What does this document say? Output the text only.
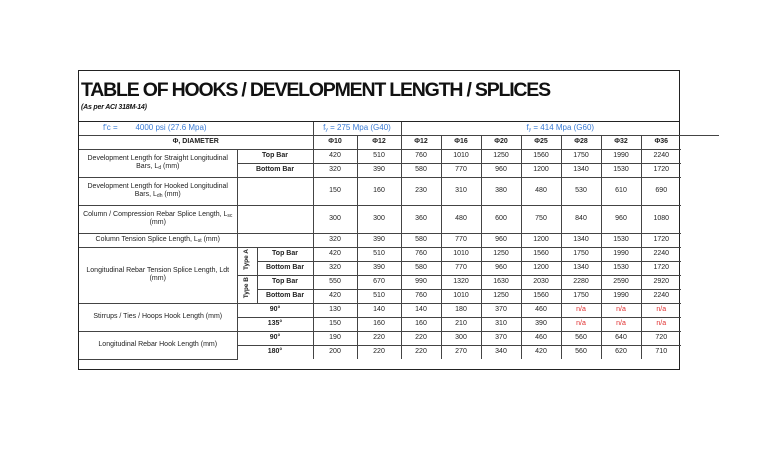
TABLE OF HOOKS / DEVELOPMENT LENGTH / SPLICES
(As per ACI 318M-14)
f'c = 4000 psi (27.6 Mpa)			$f_y = 275$ Mpa (G40)		$f_y = 414$ Mpa (G60)						
Φ, DIAMETER			Φ10	Φ12	Φ12	Φ16	Φ20	Φ25	Φ28	Φ32	Φ36
Development Length for Straight Longitudinal Bars, $L_d$ (mm)	Top Bar		420	510	760	1010	1250	1560	1750	1990	2240
	Bottom Bar		320	390	580	770	960	1200	1340	1530	1720
Development Length for Hooked Longitudinal Bars, $L_{dh}$ (mm)			150	160	230	310	380	480	530	610	690
Column / Compression Rebar Splice Length, $L_{sc}$ (mm)			300	300	360	480	600	750	840	960	1080
Column Tension Splice Length, $L_{st}$ (mm)			320	390	580	770	960	1200	1340	1530	1720
Longitudinal Rebar Tension Splice Length, Ldt (mm)	Type A	Top Bar	420	510	760	1010	1250	1560	1750	1990	2240
		Bottom Bar	320	390	580	770	960	1200	1340	1530	1720
	Type B	Top Bar	550	670	990	1320	1630	2030	2280	2590	2920
		Bottom Bar	420	510	760	1010	1250	1560	1750	1990	2240
Stirrups / Ties / Hoops Hook Length (mm)	90°		130	140	140	180	370	460	n/a	n/a	n/a
	135°		150	160	160	210	310	390	n/a	n/a	n/a
Longitudinal Rebar Hook Length (mm)	90°		190	220	220	300	370	460	560	640	720
	180°		200	220	220	270	340	420	560	620	710
